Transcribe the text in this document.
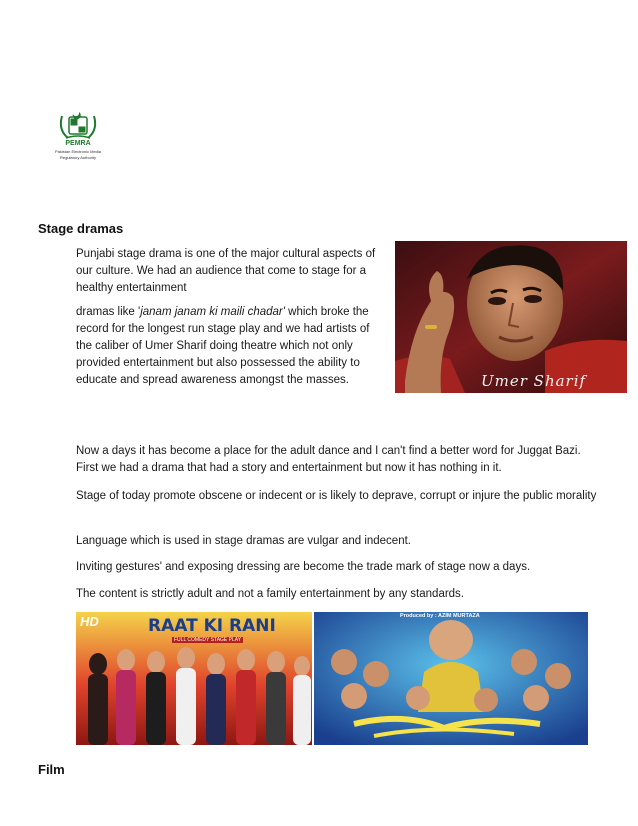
PEMRA
Pakistan Electronic Media
Regulatory Authority
Stage dramas

Punjabi stage drama is one of the major cultural aspects of our culture. We had an audience that come to stage for a healthy entertainment

dramas like 'janam janam ki maili chadar' which broke the record for the longest run stage play and we had artists of the caliber of Umer Sharif doing theatre which not only provided entertainment but also possessed the ability to educate and spread awareness amongst the masses.	Umer Sharif

Now a days it has become a place for the adult dance and I can't find a better word for Juggat Bazi. First we had a drama that had a story and entertainment but now it has nothing in it.

Stage of today promote obscene or indecent or is likely to deprave, corrupt or injure the public morality

Language which is used in stage dramas are vulgar and indecent.

Inviting gestures' and exposing dressing are become the trade mark of stage now a days.

The content is strictly adult and not a family entertainment by any standards.

HD	RAAT KI RANI
FULL COMEDY STAGE PLAY
Produced by : AZIM MURTAZA
Film
